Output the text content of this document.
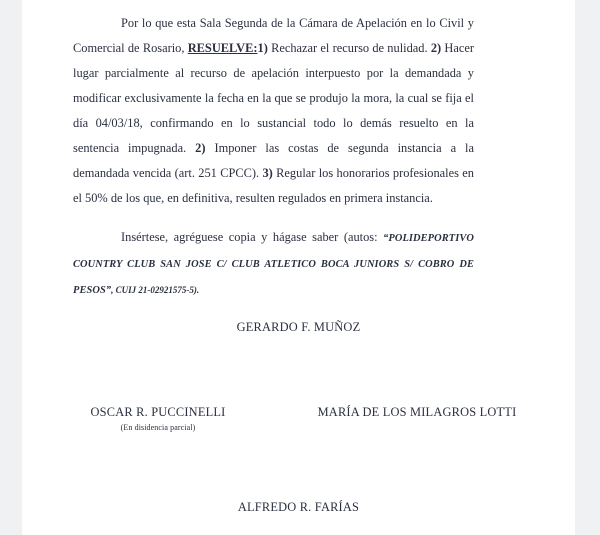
Por lo que esta Sala Segunda de la Cámara de Apelación en lo Civil y Comercial de Rosario, RESUELVE:1) Rechazar el recurso de nulidad. 2) Hacer lugar parcialmente al recurso de apelación interpuesto por la demandada y modificar exclusivamente la fecha en la que se produjo la mora, la cual se fija el día 04/03/18, confirmando en lo sustancial todo lo demás resuelto en la sentencia impugnada. 2) Imponer las costas de segunda instancia a la demandada vencida (art. 251 CPCC). 3) Regular los honorarios profesionales en el 50% de los que, en definitiva, resulten regulados en primera instancia.

Insértese, agréguese copia y hágase saber (autos: “POLIDEPORTIVO COUNTRY CLUB SAN JOSE C/ CLUB ATLETICO BOCA JUNIORS S/ COBRO DE PESOS”, CUIJ 21-02921575-5).

GERARDO F. MUÑOZ
OSCAR R. PUCCINELLI
(En disidencia parcial)
MARÍA DE LOS MILAGROS LOTTI
ALFREDO R. FARÍAS
